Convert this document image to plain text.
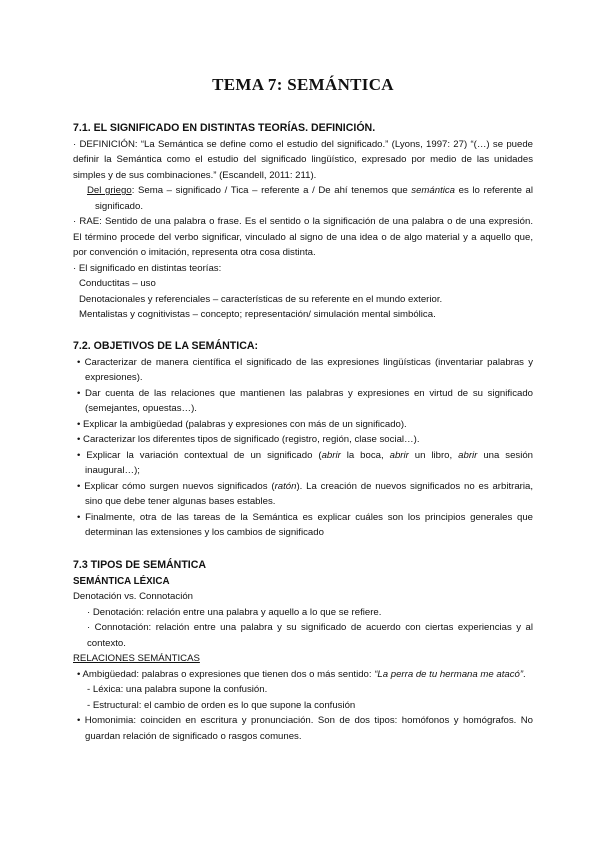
TEMA 7: SEMÁNTICA

7.1. EL SIGNIFICADO EN DISTINTAS TEORÍAS. DEFINICIÓN.

· DEFINICIÓN: “La Semántica se define como el estudio del significado.” (Lyons, 1997: 27) “(…) se puede definir la Semántica como el estudio del significado lingüístico, expresado por medio de las unidades simples y de sus combinaciones.” (Escandell, 2011: 211).

Del griego: Sema – significado / Tica – referente a / De ahí tenemos que semántica es lo referente al significado.

· RAE: Sentido de una palabra o frase. Es el sentido o la significación de una palabra o de una expresión. El término procede del verbo significar, vinculado al signo de una idea o de algo material y a aquello que, por convención o imitación, representa otra cosa distinta.

· El significado en distintas teorías:

Conductitas – uso

Denotacionales y referenciales – características de su referente en el mundo exterior.

Mentalistas y cognitivistas – concepto; representación/ simulación mental simbólica.

7.2. OBJETIVOS DE LA SEMÁNTICA:

• Caracterizar de manera científica el significado de las expresiones lingüísticas (inventariar palabras y expresiones).

• Dar cuenta de las relaciones que mantienen las palabras y expresiones en virtud de su significado (semejantes, opuestas…).

• Explicar la ambigüedad (palabras y expresiones con más de un significado).

• Caracterizar los diferentes tipos de significado (registro, región, clase social…).

• Explicar la variación contextual de un significado (abrir la boca, abrir un libro, abrir una sesión inaugural…);

• Explicar cómo surgen nuevos significados (ratón). La creación de nuevos significados no es arbitraria, sino que debe tener algunas bases estables.

• Finalmente, otra de las tareas de la Semántica es explicar cuáles son los principios generales que determinan las extensiones y los cambios de significado

7.3 TIPOS DE SEMÁNTICA

SEMÁNTICA LÉXICA

Denotación vs. Connotación

· Denotación: relación entre una palabra y aquello a lo que se refiere.

· Connotación: relación entre una palabra y su significado de acuerdo con ciertas experiencias y al contexto.

RELACIONES SEMÁNTICAS

• Ambigüedad: palabras o expresiones que tienen dos o más sentido: “La perra de tu hermana me atacó”.

- Léxica: una palabra supone la confusión.

- Estructural: el cambio de orden es lo que supone la confusión

• Homonimia: coinciden en escritura y pronunciación. Son de dos tipos: homófonos y homógrafos. No guardan relación de significado o rasgos comunes.
